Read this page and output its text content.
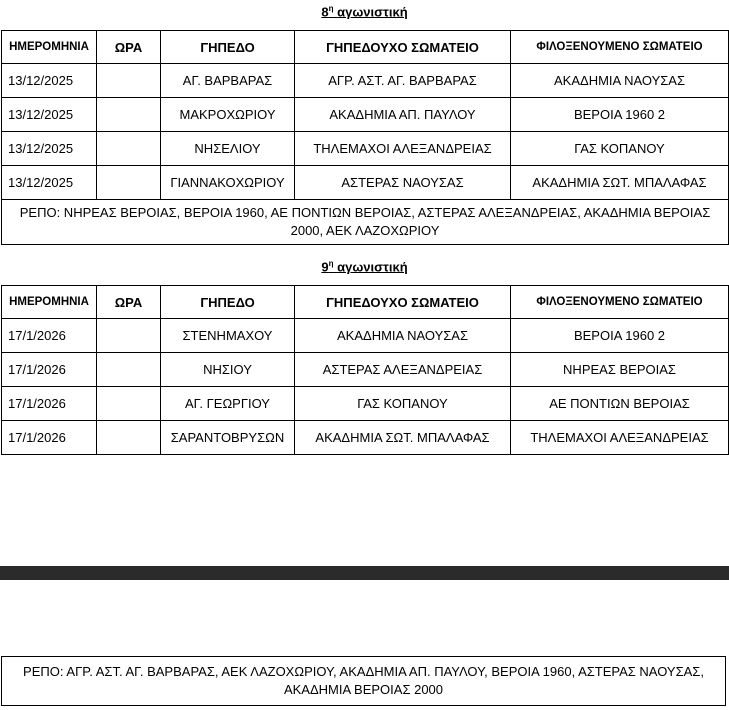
$8^\eta$ αγωνιστική
ΗΜΕΡΟΜΗΝΙΑ	ΩΡΑ	ΓΗΠΕΔΟ	ΓΗΠΕΔΟΥΧΟ ΣΩΜΑΤΕΙΟ	ΦΙΛΟΞΕΝΟΥΜΕΝΟ ΣΩΜΑΤΕΙΟ
13/12/2025		ΑΓ. ΒΑΡΒΑΡΑΣ	ΑΓΡ. ΑΣΤ. ΑΓ. ΒΑΡΒΑΡΑΣ	ΑΚΑΔΗΜΙΑ ΝΑΟΥΣΑΣ
13/12/2025		ΜΑΚΡΟΧΩΡΙΟΥ	ΑΚΑΔΗΜΙΑ ΑΠ. ΠΑΥΛΟΥ	ΒΕΡΟΙΑ 1960 2
13/12/2025		ΝΗΣΕΛΙΟΥ	ΤΗΛΕΜΑΧΟΙ ΑΛΕΞΑΝΔΡΕΙΑΣ	ΓΑΣ ΚΟΠΑΝΟΥ
13/12/2025		ΓΙΑΝΝΑΚΟΧΩΡΙΟΥ	ΑΣΤΕΡΑΣ ΝΑΟΥΣΑΣ	ΑΚΑΔΗΜΙΑ ΣΩΤ. ΜΠΑΛΑΦΑΣ
ΡΕΠΟ: ΝΗΡΕΑΣ ΒΕΡΟΙΑΣ, ΒΕΡΟΙΑ 1960, ΑΕ ΠΟΝΤΙΩΝ ΒΕΡΟΙΑΣ, ΑΣΤΕΡΑΣ ΑΛΕΞΑΝΔΡΕΙΑΣ, ΑΚΑΔΗΜΙΑ ΒΕΡΟΙΑΣ 2000, ΑΕΚ ΛΑΖΟΧΩΡΙΟΥ				
$9^\eta$ αγωνιστική
ΗΜΕΡΟΜΗΝΙΑ	ΩΡΑ	ΓΗΠΕΔΟ	ΓΗΠΕΔΟΥΧΟ ΣΩΜΑΤΕΙΟ	ΦΙΛΟΞΕΝΟΥΜΕΝΟ ΣΩΜΑΤΕΙΟ
17/1/2026		ΣΤΕΝΗΜΑΧΟΥ	ΑΚΑΔΗΜΙΑ ΝΑΟΥΣΑΣ	ΒΕΡΟΙΑ 1960 2
17/1/2026		ΝΗΣΙΟΥ	ΑΣΤΕΡΑΣ ΑΛΕΞΑΝΔΡΕΙΑΣ	ΝΗΡΕΑΣ ΒΕΡΟΙΑΣ
17/1/2026		ΑΓ. ΓΕΩΡΓΙΟΥ	ΓΑΣ ΚΟΠΑΝΟΥ	ΑΕ ΠΟΝΤΙΩΝ ΒΕΡΟΙΑΣ
17/1/2026		ΣΑΡΑΝΤΟΒΡΥΣΩΝ	ΑΚΑΔΗΜΙΑ ΣΩΤ. ΜΠΑΛΑΦΑΣ	ΤΗΛΕΜΑΧΟΙ ΑΛΕΞΑΝΔΡΕΙΑΣ
ΡΕΠΟ: ΑΓΡ. ΑΣΤ. ΑΓ. ΒΑΡΒΑΡΑΣ, ΑΕΚ ΛΑΖΟΧΩΡΙΟΥ, ΑΚΑΔΗΜΙΑ ΑΠ. ΠΑΥΛΟΥ, ΒΕΡΟΙΑ 1960, ΑΣΤΕΡΑΣ ΝΑΟΥΣΑΣ, ΑΚΑΔΗΜΙΑ ΒΕΡΟΙΑΣ 2000
